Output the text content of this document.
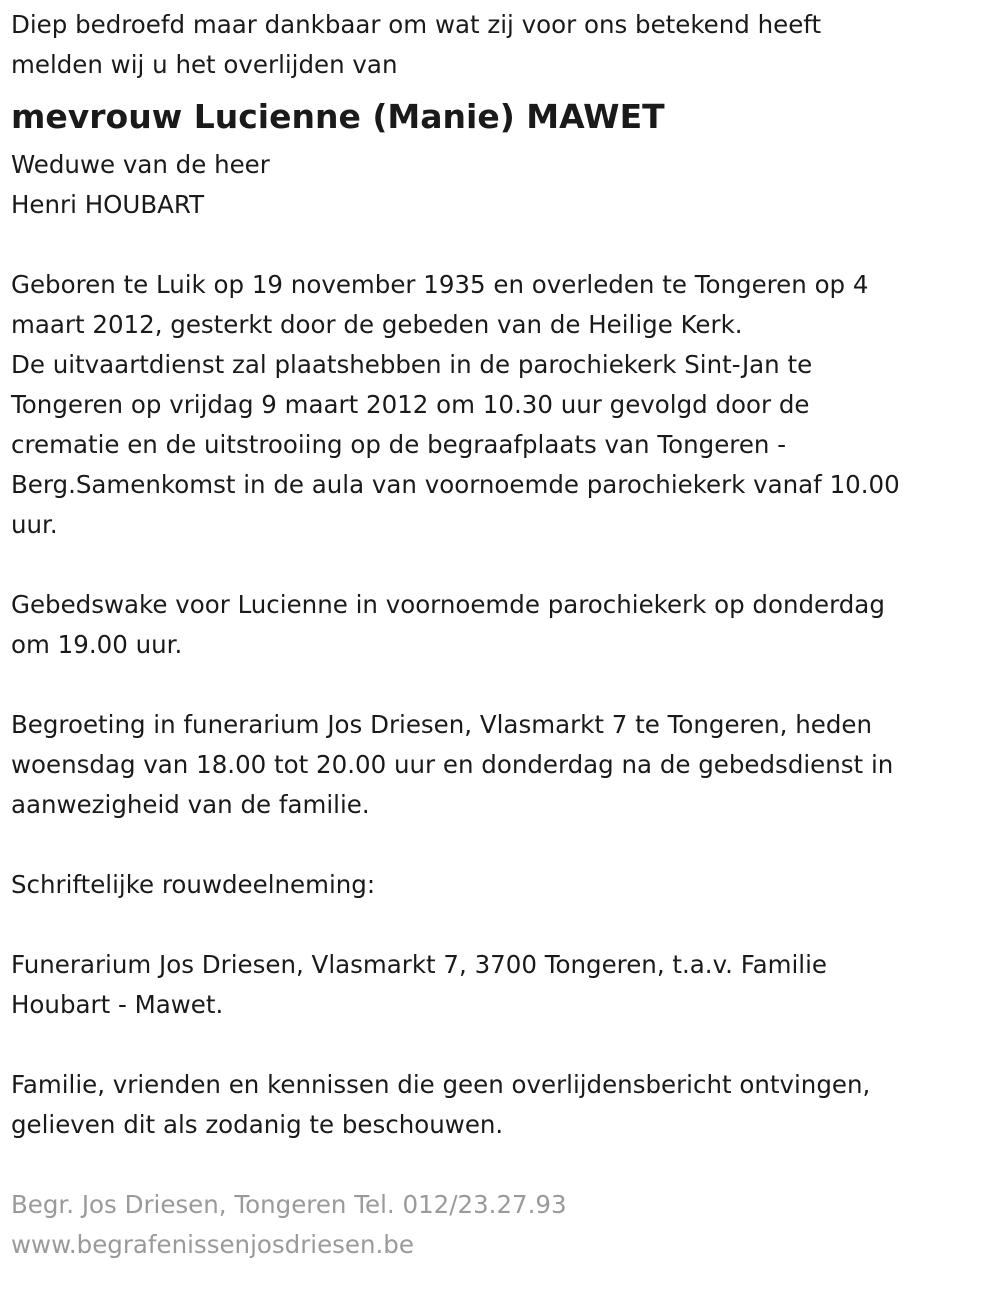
Diep bedroefd maar dankbaar om wat zij voor ons betekend heeft
melden wij u het overlijden van
mevrouw Lucienne (Manie) MAWET
Weduwe van de heer
Henri HOUBART
Geboren te Luik op 19 november 1935 en overleden te Tongeren op 4
maart 2012, gesterkt door de gebeden van de Heilige Kerk.
De uitvaartdienst zal plaatshebben in de parochiekerk Sint-Jan te
Tongeren op vrijdag 9 maart 2012 om 10.30 uur gevolgd door de
crematie en de uitstrooiing op de begraafplaats van Tongeren -
Berg.Samenkomst in de aula van voornoemde parochiekerk vanaf 10.00
uur.
Gebedswake voor Lucienne in voornoemde parochiekerk op donderdag
om 19.00 uur.
Begroeting in funerarium Jos Driesen, Vlasmarkt 7 te Tongeren, heden
woensdag van 18.00 tot 20.00 uur en donderdag na de gebedsdienst in
aanwezigheid van de familie.
Schriftelijke rouwdeelneming:
Funerarium Jos Driesen, Vlasmarkt 7, 3700 Tongeren, t.a.v. Familie
Houbart - Mawet.
Familie, vrienden en kennissen die geen overlijdensbericht ontvingen,
gelieven dit als zodanig te beschouwen.
Begr. Jos Driesen, Tongeren Tel. 012/23.27.93
www.begrafenissenjosdriesen.be
